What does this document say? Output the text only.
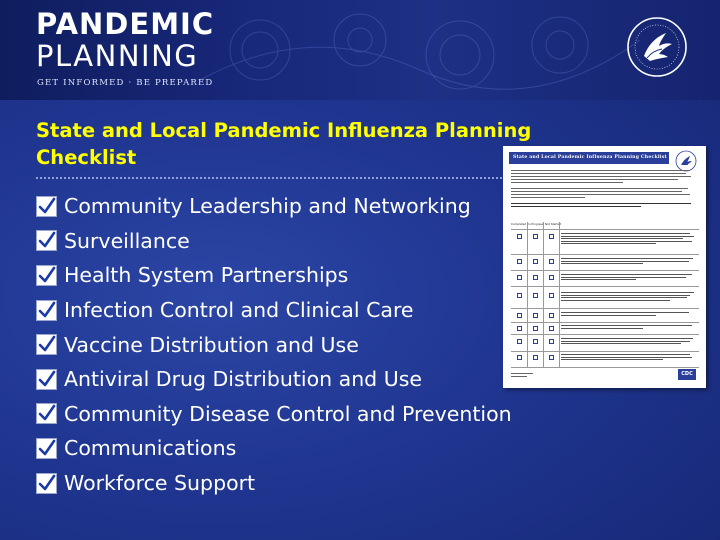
PANDEMIC
PLANNING
GET INFORMED · BE PREPARED
State and Local Pandemic Influenza Planning Checklist
Community Leadership and Networking
Surveillance
Health System Partnerships
Infection Control and Clinical Care
Vaccine Distribution and Use
Antiviral Drug Distribution and Use
Community Disease Control and Prevention
Communications
Workforce Support
State and Local Pandemic Influenza Planning Checklist
Completed In Progress Not Started
CDC
